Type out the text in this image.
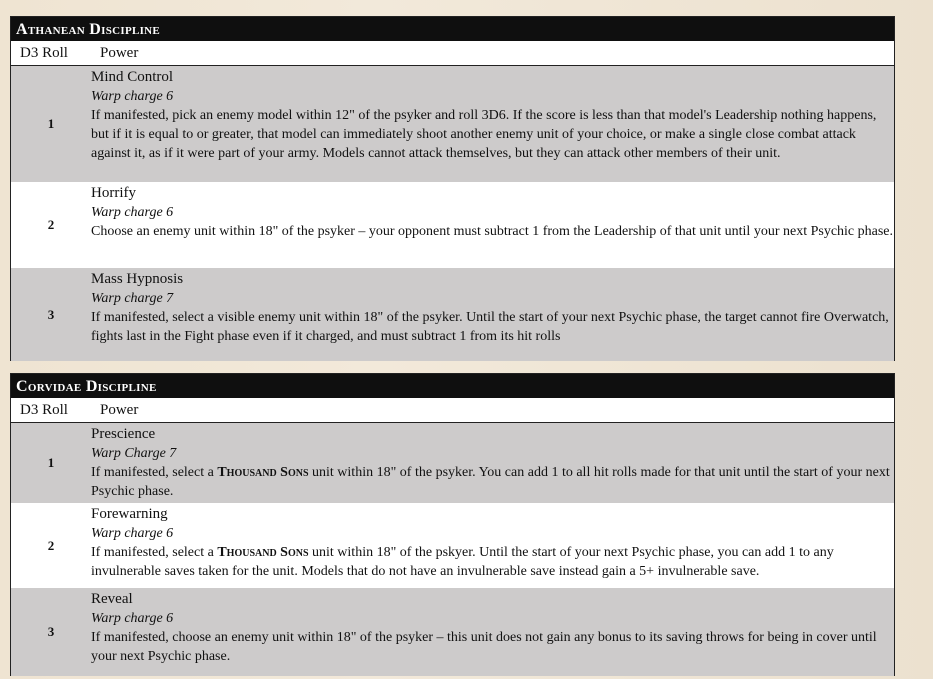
Athanean Discipline
D3 Roll	Power
1
Mind Control
Warp charge 6
If manifested, pick an enemy model within 12" of the psyker and roll 3D6. If the score is less than that model's Leadership nothing happens, but if it is equal to or greater, that model can immediately shoot another enemy unit of your choice, or make a single close combat attack against it, as if it were part of your army. Models cannot attack themselves, but they can attack other members of their unit.
2
Horrify
Warp charge 6
Choose an enemy unit within 18" of the psyker – your opponent must subtract 1 from the Leadership of that unit until your next Psychic phase.
3
Mass Hypnosis
Warp charge 7
If manifested, select a visible enemy unit within 18" of the psyker. Until the start of your next Psychic phase, the target cannot fire Overwatch, fights last in the Fight phase even if it charged, and must subtract 1 from its hit rolls
Corvidae Discipline
D3 Roll	Power
1
Prescience
Warp Charge 7
If manifested, select a Thousand Sons unit within 18" of the psyker. You can add 1 to all hit rolls made for that unit until the start of your next Psychic phase.
2
Forewarning
Warp charge 6
If manifested, select a Thousand Sons unit within 18" of the pskyer. Until the start of your next Psychic phase, you can add 1 to any invulnerable saves taken for the unit. Models that do not have an invulnerable save instead gain a 5+ invulnerable save.
3
Reveal
Warp charge 6
If manifested, choose an enemy unit within 18" of the psyker – this unit does not gain any bonus to its saving throws for being in cover until your next Psychic phase.
